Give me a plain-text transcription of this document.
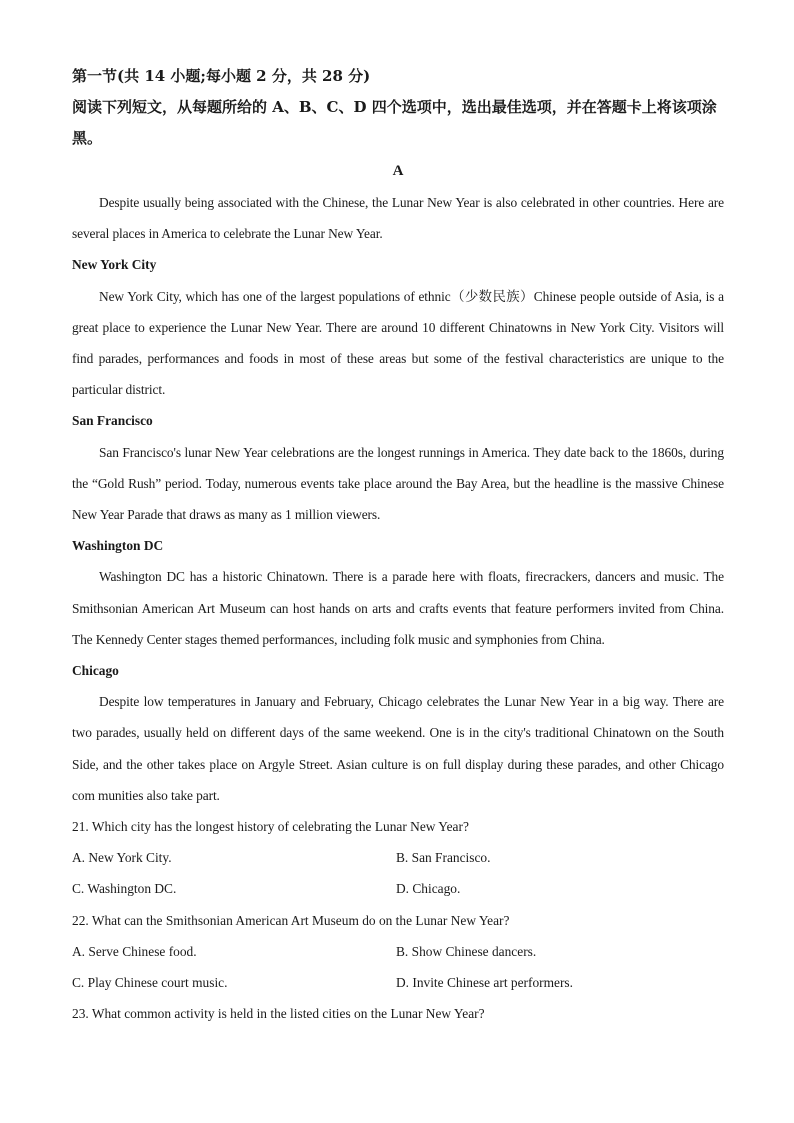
第一节(共 14 小题;每小题 2 分，共 28 分)
阅读下列短文，从每题所给的 A、B、C、D 四个选项中，选出最佳选项，并在答题卡上将该项涂黑。
A
Despite usually being associated with the Chinese, the Lunar New Year is also celebrated in other countries. Here are several places in America to celebrate the Lunar New Year.
New York City
New York City, which has one of the largest populations of ethnic（少数民族）Chinese people outside of Asia, is a great place to experience the Lunar New Year. There are around 10 different Chinatowns in New York City. Visitors will find parades, performances and foods in most of these areas but some of the festival characteristics are unique to the particular district.
San Francisco
San Francisco's lunar New Year celebrations are the longest runnings in America. They date back to the 1860s, during the “Gold Rush” period. Today, numerous events take place around the Bay Area, but the headline is the massive Chinese New Year Parade that draws as many as 1 million viewers.
Washington DC
Washington DC has a historic Chinatown. There is a parade here with floats, firecrackers, dancers and music. The Smithsonian American Art Museum can host hands on arts and crafts events that feature performers invited from China. The Kennedy Center stages themed performances, including folk music and symphonies from China.
Chicago
Despite low temperatures in January and February, Chicago celebrates the Lunar New Year in a big way. There are two parades, usually held on different days of the same weekend. One is in the city's traditional Chinatown on the South Side, and the other takes place on Argyle Street. Asian culture is on full display during these parades, and other Chicago com munities also take part.
21. Which city has the longest history of celebrating the Lunar New Year?
A. New York City.	B. San Francisco.
C. Washington DC.	D. Chicago.
22. What can the Smithsonian American Art Museum do on the Lunar New Year?
A. Serve Chinese food.	B. Show Chinese dancers.
C. Play Chinese court music.	D. Invite Chinese art performers.
23. What common activity is held in the listed cities on the Lunar New Year?
